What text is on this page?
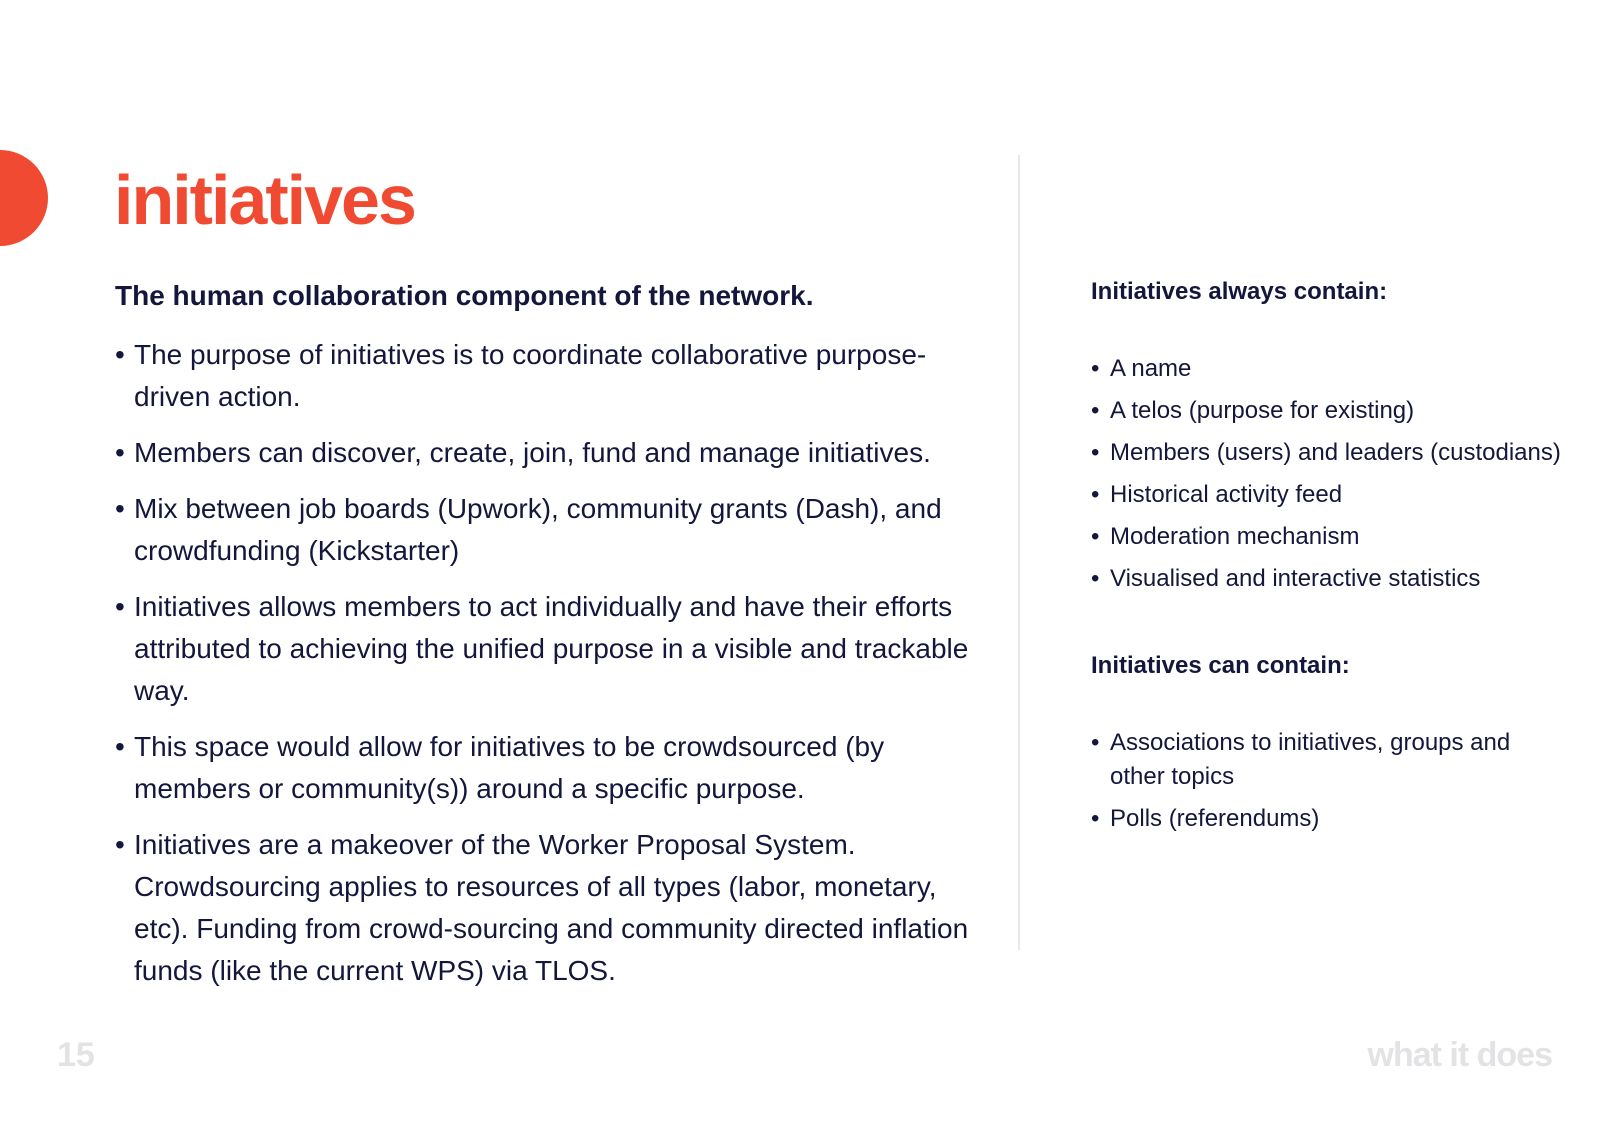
initiatives

The human collaboration component of the network.

• The purpose of initiatives is to coordinate collaborative purpose-driven action.
• Members can discover, create, join, fund and manage initiatives.
• Mix between job boards (Upwork), community grants (Dash), and crowdfunding (Kickstarter)
• Initiatives allows members to act individually and have their efforts attributed to achieving the unified purpose in a visible and trackable way.
• This space would allow for initiatives to be crowdsourced (by members or community(s)) around a specific purpose.
• Initiatives are a makeover of the Worker Proposal System. Crowdsourcing applies to resources of all types (labor, monetary, etc). Funding from crowd-sourcing and community directed inflation funds (like the current WPS) via TLOS.

Initiatives always contain:

• A name
• A telos (purpose for existing)
• Members (users) and leaders (custodians)
• Historical activity feed
• Moderation mechanism
• Visualised and interactive statistics

Initiatives can contain:

• Associations to initiatives, groups and other topics
• Polls (referendums)
15	what it does
